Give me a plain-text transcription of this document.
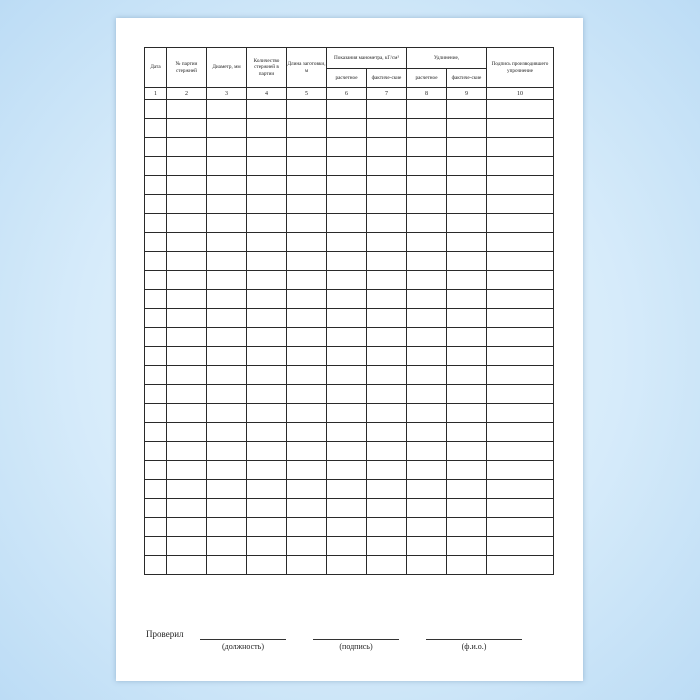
Дата	№ партии стержней	Диаметр, мм	Количество стержней в партии	Длина заготовки, м	Показания манометра, кГ/см²		Удлинение,		Подпись производившего упрочнение
					расчетное	фактиче-ские	расчетное	фактиче-ские	
1	2	3	4	5	6	7	8	9	10

Проверил
(должность)	(подпись)	(ф.и.о.)
